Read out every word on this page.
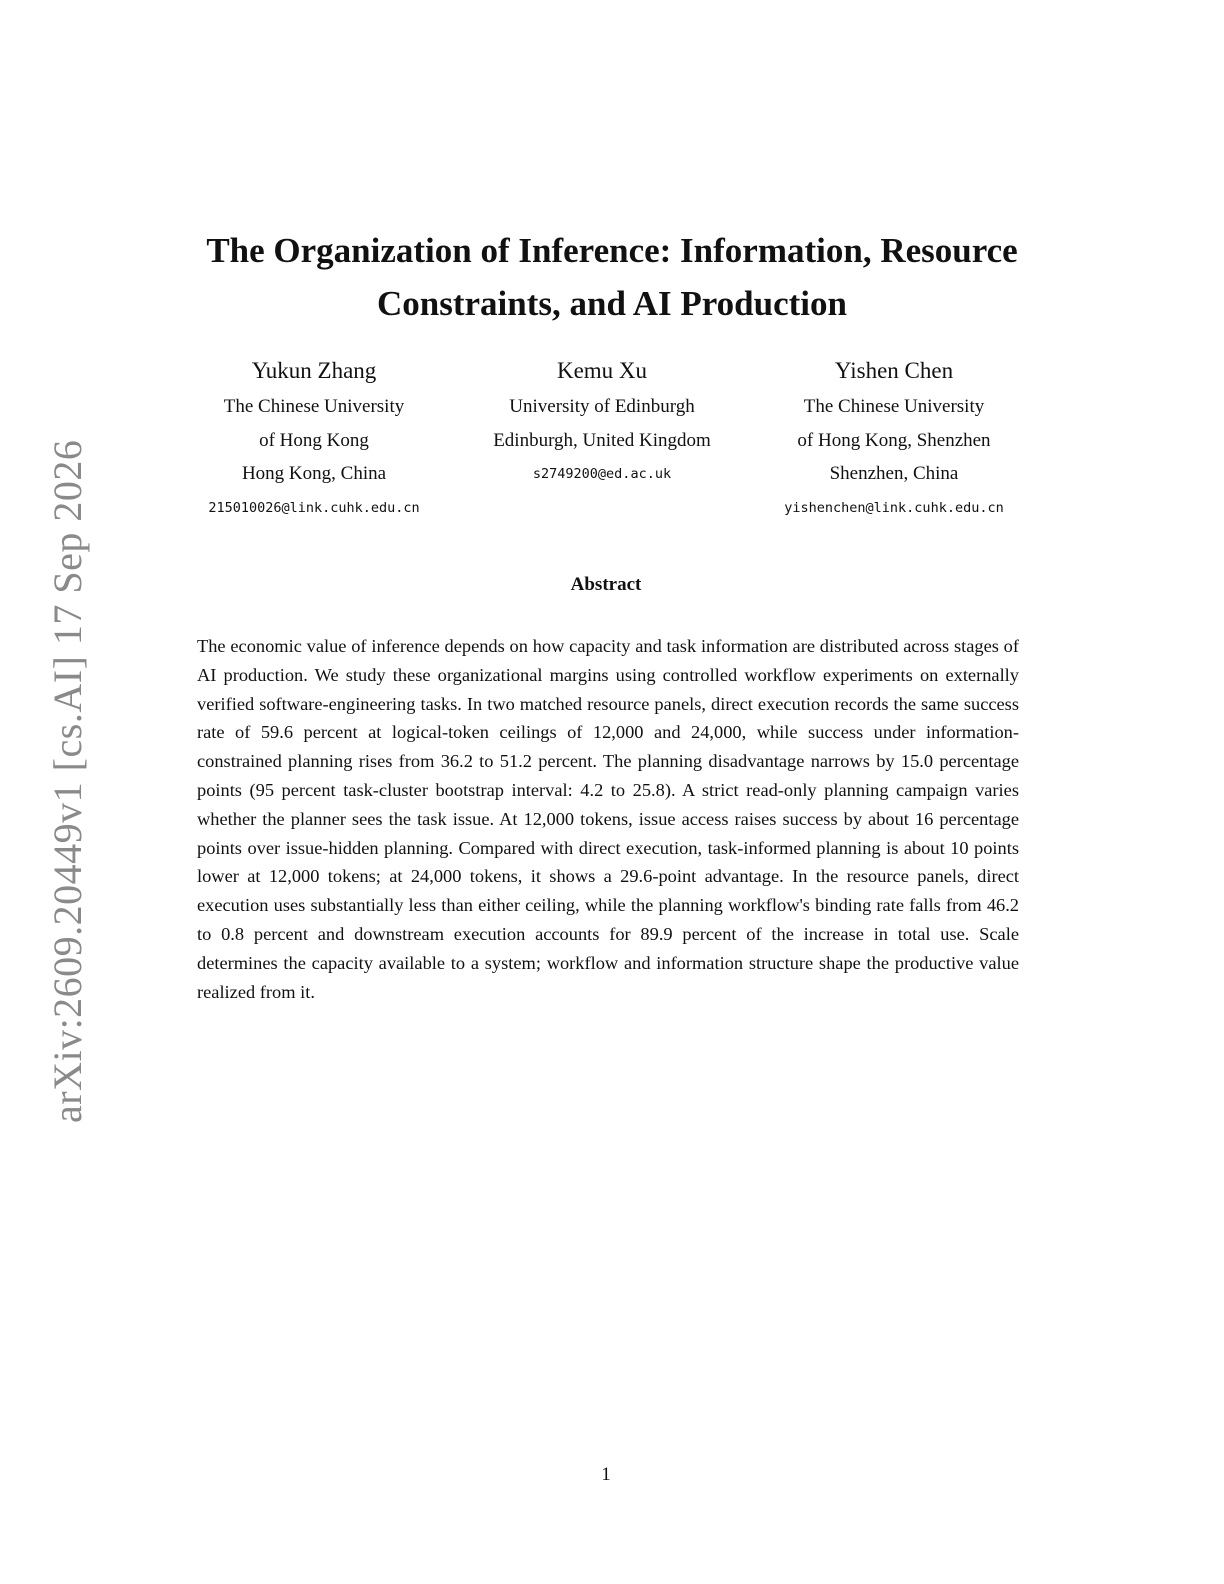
arXiv:2609.20449v1 [cs.AI] 17 Sep 2026
The Organization of Inference: Information, Resource Constraints, and AI Production
Yukun Zhang
The Chinese University
of Hong Kong
Hong Kong, China
215010026@link.cuhk.edu.cn
Kemu Xu
University of Edinburgh
Edinburgh, United Kingdom
s2749200@ed.ac.uk
Yishen Chen
The Chinese University
of Hong Kong, Shenzhen
Shenzhen, China
yishenchen@link.cuhk.edu.cn
Abstract
The economic value of inference depends on how capacity and task information are distributed across stages of AI production. We study these organizational margins using controlled workflow experiments on externally verified software-engineering tasks. In two matched resource panels, direct execution records the same success rate of 59.6 percent at logical-token ceilings of 12,000 and 24,000, while success under information-constrained planning rises from 36.2 to 51.2 percent. The planning disadvantage narrows by 15.0 percentage points (95 percent task-cluster bootstrap interval: 4.2 to 25.8). A strict read-only planning campaign varies whether the planner sees the task issue. At 12,000 tokens, issue access raises success by about 16 percentage points over issue-hidden planning. Compared with direct execution, task-informed planning is about 10 points lower at 12,000 tokens; at 24,000 tokens, it shows a 29.6-point advantage. In the resource panels, direct execution uses substantially less than either ceiling, while the planning workflow's binding rate falls from 46.2 to 0.8 percent and downstream execution accounts for 89.9 percent of the increase in total use. Scale determines the capacity available to a system; workflow and information structure shape the productive value realized from it.
1
